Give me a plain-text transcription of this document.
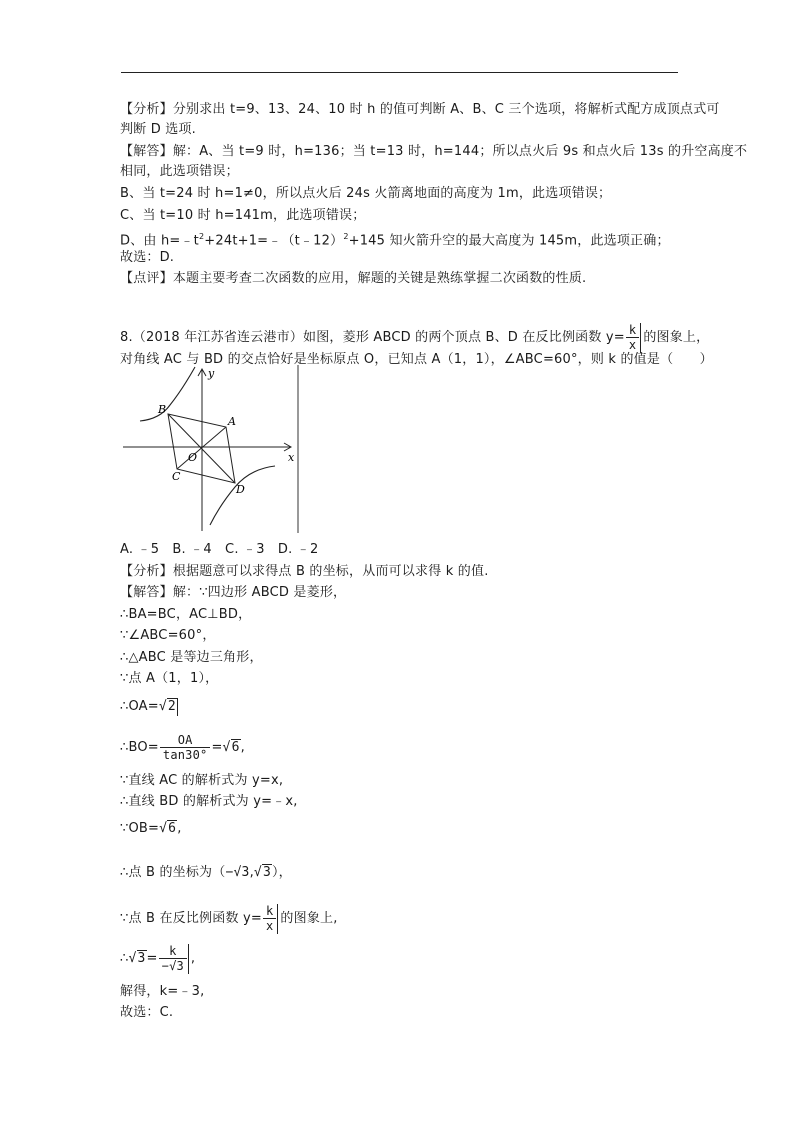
【分析】分别求出 t=9、13、24、10 时 h 的值可判断 A、B、C 三个选项，将解析式配方成顶点式可
判断 D 选项.
【解答】解：A、当 t=9 时，h=136；当 t=13 时，h=144；所以点火后 9s 和点火后 13s 的升空高度不
相同，此选项错误；
B、当 t=24 时 h=1≠0，所以点火后 24s 火箭离地面的高度为 1m，此选项错误；
C、当 t=10 时 h=141m，此选项错误；
D、由 $h=﹣t^2+24t+1=﹣(t﹣12)^2+145$ 知火箭升空的最大高度为 145m，此选项正确；
故选：D.
【点评】本题主要考查二次函数的应用，解题的关键是熟练掌握二次函数的性质.
8.（2018 年江苏省连云港市）如图，菱形 ABCD 的两个顶点 B、D 在反比例函数 $y= \frac{k}{x}$ 的图象上，
对角线 AC 与 BD 的交点恰好是坐标原点 O，已知点 A（1，1），∠ABC=60°，则 k 的值是（　　）
y
x
O
A
B
C
D
A. ﹣5　B. ﹣4　C. ﹣3　D. ﹣2
【分析】根据题意可以求得点 B 的坐标，从而可以求得 k 的值.
【解答】解：∵四边形 ABCD 是菱形，
∴BA=BC，AC⊥BD，
∵∠ABC=60°，
∴△ABC 是等边三角形，
∵点 A（1，1），
∴OA=√2
∴BO= $\frac{OA}{\tan 30^\circ} =√6$,
∵直线 AC 的解析式为 y=x,
∴直线 BD 的解析式为 y=﹣x,
∵OB=√6,
∴点 B 的坐标为（−√3,√3），
∵点 B 在反比例函数 $y= \frac{k}{x}$ 的图象上,
∴√3= $\frac{k}{-√3}$ ,
解得，k=﹣3,
故选：C.
